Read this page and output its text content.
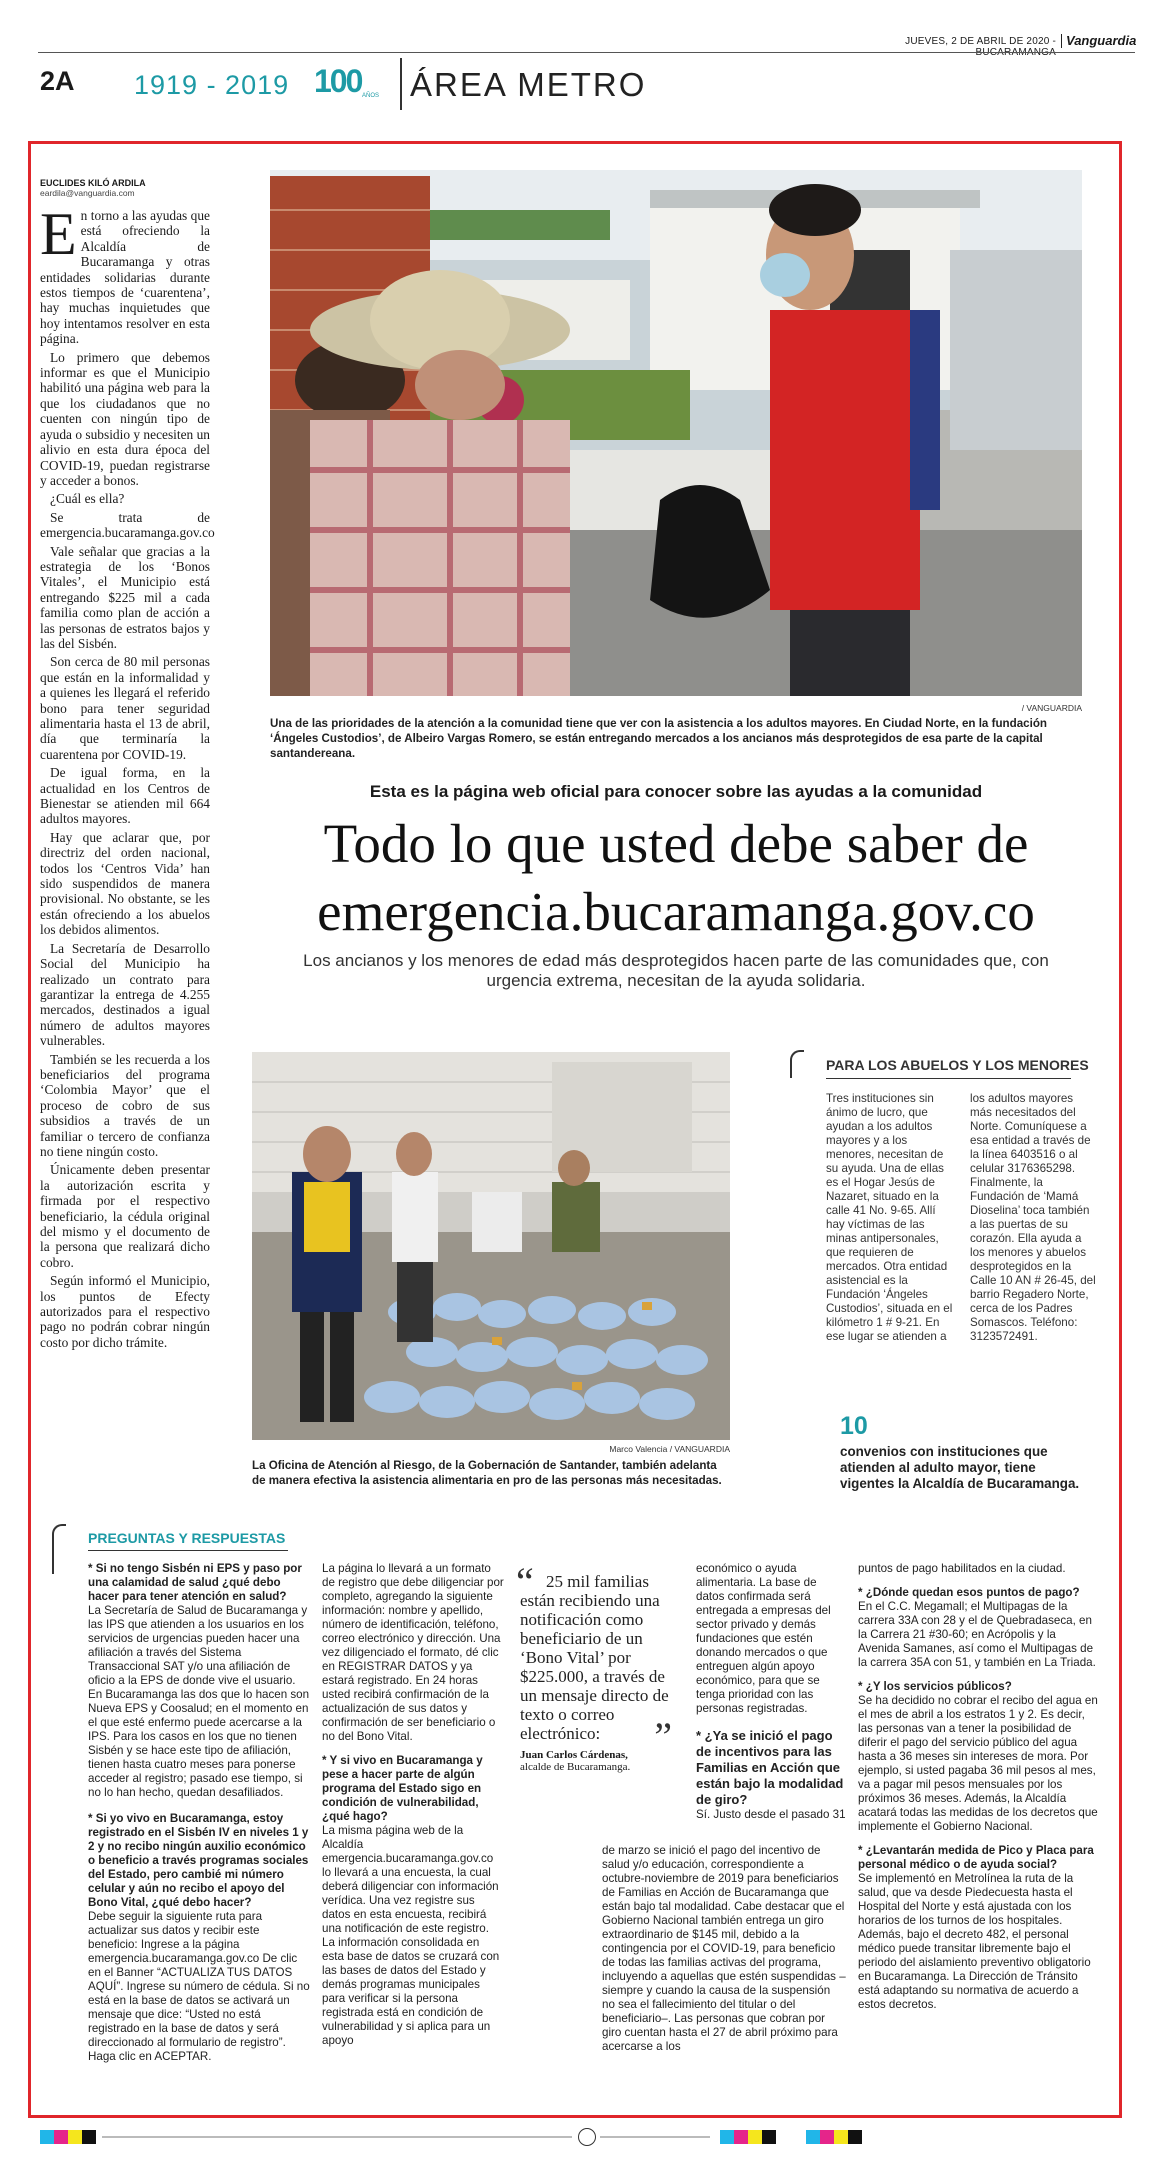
JUEVES, 2 DE ABRIL DE 2020 - Vanguardia
2A 1919 - 2019 100 AÑOS ÁREA METRO
EUCLIDES KILÓ ARDILA
eardila@vanguardia.com

En torno a las ayudas que está ofreciendo la Alcaldía de Bucaramanga y otras entidades solidarias durante estos tiempos de ‘cuarentena’, hay muchas inquietudes que hoy intentamos resolver en esta página.

Lo primero que debemos informar es que el Municipio habilitó una página web para la que los ciudadanos que no cuenten con ningún tipo de ayuda o subsidio y necesiten un alivio en esta dura época del COVID-19, puedan registrarse y acceder a bonos.

¿Cuál es ella?

Se trata de emergencia.bucaramanga.gov.co

Vale señalar que gracias a la estrategia de los ‘Bonos Vitales’, el Municipio está entregando $225 mil a cada familia como plan de acción a las personas de estratos bajos y las del Sisbén.

Son cerca de 80 mil personas que están en la informalidad y a quienes les llegará el referido bono para tener seguridad alimentaria hasta el 13 de abril, día que terminaría la cuarentena por COVID-19.

De igual forma, en la actualidad en los Centros de Bienestar se atienden mil 664 adultos mayores.

Hay que aclarar que, por directriz del orden nacional, todos los ‘Centros Vida’ han sido suspendidos de manera provisional. No obstante, se les están ofreciendo a los abuelos los debidos alimentos.

La Secretaría de Desarrollo Social del Municipio ha realizado un contrato para garantizar la entrega de 4.255 mercados, destinados a igual número de adultos mayores vulnerables.

También se les recuerda a los beneficiarios del programa ‘Colombia Mayor’ que el proceso de cobro de sus subsidios a través de un familiar o tercero de confianza no tiene ningún costo.

Únicamente deben presentar la autorización escrita y firmada por el respectivo beneficiario, la cédula original del mismo y el documento de la persona que realizará dicho cobro.

Según informó el Municipio, los puntos de Efecty autorizados para el respectivo pago no podrán cobrar ningún costo por dicho trámite.

/ VANGUARDIA
Una de las prioridades de la atención a la comunidad tiene que ver con la asistencia a los adultos mayores. En Ciudad Norte, en la fundación ‘Ángeles Custodios’, de Albeiro Vargas Romero, se están entregando mercados a los ancianos más desprotegidos de esa parte de la capital santandereana.
Esta es la página web oficial para conocer sobre las ayudas a la comunidad
Todo lo que usted debe saber de
emergencia.bucaramanga.gov.co
Los ancianos y los menores de edad más desprotegidos hacen parte de las comunidades que, con urgencia extrema, necesitan de la ayuda solidaria.
Marco Valencia / VANGUARDIA
La Oficina de Atención al Riesgo, de la Gobernación de Santander, también adelanta de manera efectiva la asistencia alimentaria en pro de las personas más necesitadas.
PARA LOS ABUELOS Y LOS MENORES
Tres instituciones sin ánimo de lucro, que ayudan a los adultos mayores y a los menores, necesitan de su ayuda. Una de ellas es el Hogar Jesús de Nazaret, situado en la calle 41 No. 9-65. Allí hay víctimas de las minas antipersonales, que requieren de mercados. Otra entidad asistencial es la Fundación ‘Ángeles Custodios’, situada en el kilómetro 1 # 9-21. En ese lugar se atienden a
los adultos mayores más necesitados del Norte. Comuníquese a esa entidad a través de la línea 6403516 o al celular 3176365298. Finalmente, la Fundación de ‘Mamá Dioselina’ toca también a las puertas de su corazón. Ella ayuda a los menores y abuelos desprotegidos en la Calle 10 AN # 26-45, del barrio Regadero Norte, cerca de los Padres Somascos. Teléfono: 3123572491.
10
convenios con instituciones que atienden al adulto mayor, tiene vigentes la Alcaldía de Bucaramanga.
PREGUNTAS Y RESPUESTAS

* Si no tengo Sisbén ni EPS y paso por una calamidad de salud ¿qué debo hacer para tener atención en salud?
La Secretaría de Salud de Bucaramanga y las IPS que atienden a los usuarios en los servicios de urgencias pueden hacer una afiliación a través del Sistema Transaccional SAT y/o una afiliación de oficio a la EPS de donde vive el usuario. En Bucaramanga las dos que lo hacen son Nueva EPS y Coosalud; en el momento en el que esté enfermo puede acercarse a la IPS. Para los casos en los que no tienen Sisbén y se hace este tipo de afiliación, tienen hasta cuatro meses para ponerse acceder al registro; pasado ese tiempo, si no lo han hecho, quedan desafiliados.

* Si yo vivo en Bucaramanga, estoy registrado en el Sisbén IV en niveles 1 y 2 y no recibo ningún auxilio económico o beneficio a través programas sociales del Estado, pero cambié mi número celular y aún no recibo el apoyo del Bono Vital, ¿qué debo hacer?
Debe seguir la siguiente ruta para actualizar sus datos y recibir este beneficio: Ingrese a la página emergencia.bucaramanga.gov.co De clic en el Banner “ACTUALIZA TUS DATOS AQUÍ”. Ingrese su número de cédula. Si no está en la base de datos se activará un mensaje que dice: “Usted no está registrado en la base de datos y será direccionado al formulario de registro”. Haga clic en ACEPTAR.

La página lo llevará a un formato de registro que debe diligenciar por completo, agregando la siguiente información: nombre y apellido, número de identificación, teléfono, correo electrónico y dirección. Una vez diligenciado el formato, dé clic en REGISTRAR DATOS y ya estará registrado. En 24 horas usted recibirá confirmación de la actualización de sus datos y confirmación de ser beneficiario o no del Bono Vital.

* Y si vivo en Bucaramanga y pese a hacer parte de algún programa del Estado sigo en condición de vulnerabilidad, ¿qué hago?
La misma página web de la Alcaldía emergencia.bucaramanga.gov.co lo llevará a una encuesta, la cual deberá diligenciar con información verídica. Una vez registre sus datos en esta encuesta, recibirá una notificación de este registro. La información consolidada en esta base de datos se cruzará con las bases de datos del Estado y demás programas municipales para verificar si la persona registrada está en condición de vulnerabilidad y si aplica para un apoyo

“ 25 mil familias están recibiendo una notificación como beneficiario de un ‘Bono Vital’ por $225.000, a través de un mensaje directo de texto o correo electrónico:	”
Juan Carlos Cárdenas,
alcalde de Bucaramanga.

económico o ayuda alimentaria. La base de datos confirmada será entregada a empresas del sector privado y demás fundaciones que estén donando mercados o que entreguen algún apoyo económico, para que se tenga prioridad con las personas registradas.

* ¿Ya se inició el pago de incentivos para las Familias en Acción que están bajo la modalidad de giro?
Sí. Justo desde el pasado 31

de marzo se inició el pago del incentivo de salud y/o educación, correspondiente a octubre-noviembre de 2019 para beneficiarios de Familias en Acción de Bucaramanga que están bajo tal modalidad. Cabe destacar que el Gobierno Nacional también entrega un giro extraordinario de $145 mil, debido a la contingencia por el COVID-19, para beneficio de todas las familias activas del programa, incluyendo a aquellas que estén suspendidas –siempre y cuando la causa de la suspensión no sea el fallecimiento del titular o del beneficiario–. Las personas que cobran por giro cuentan hasta el 27 de abril próximo para acercarse a los

puntos de pago habilitados en la ciudad.

* ¿Dónde quedan esos puntos de pago?
En el C.C. Megamall; el Multipagas de la carrera 33A con 28 y el de Quebradaseca, en la Carrera 21 #30-60; en Acrópolis y la Avenida Samanes, así como el Multipagas de la carrera 35A con 51, y también en La Triada.

* ¿Y los servicios públicos?
Se ha decidido no cobrar el recibo del agua en el mes de abril a los estratos 1 y 2. Es decir, las personas van a tener la posibilidad de diferir el pago del servicio público del agua hasta a 36 meses sin intereses de mora. Por ejemplo, si usted pagaba 36 mil pesos al mes, va a pagar mil pesos mensuales por los próximos 36 meses. Además, la Alcaldía acatará todas las medidas de los decretos que implemente el Gobierno Nacional.

* ¿Levantarán medida de Pico y Placa para personal médico o de ayuda social?
Se implementó en Metrolínea la ruta de la salud, que va desde Piedecuesta hasta el Hospital del Norte y está ajustada con los horarios de los turnos de los hospitales. Además, bajo el decreto 482, el personal médico puede transitar libremente bajo el periodo del aislamiento preventivo obligatorio en Bucaramanga. La Dirección de Tránsito está adaptando su normativa de acuerdo a estos decretos.
